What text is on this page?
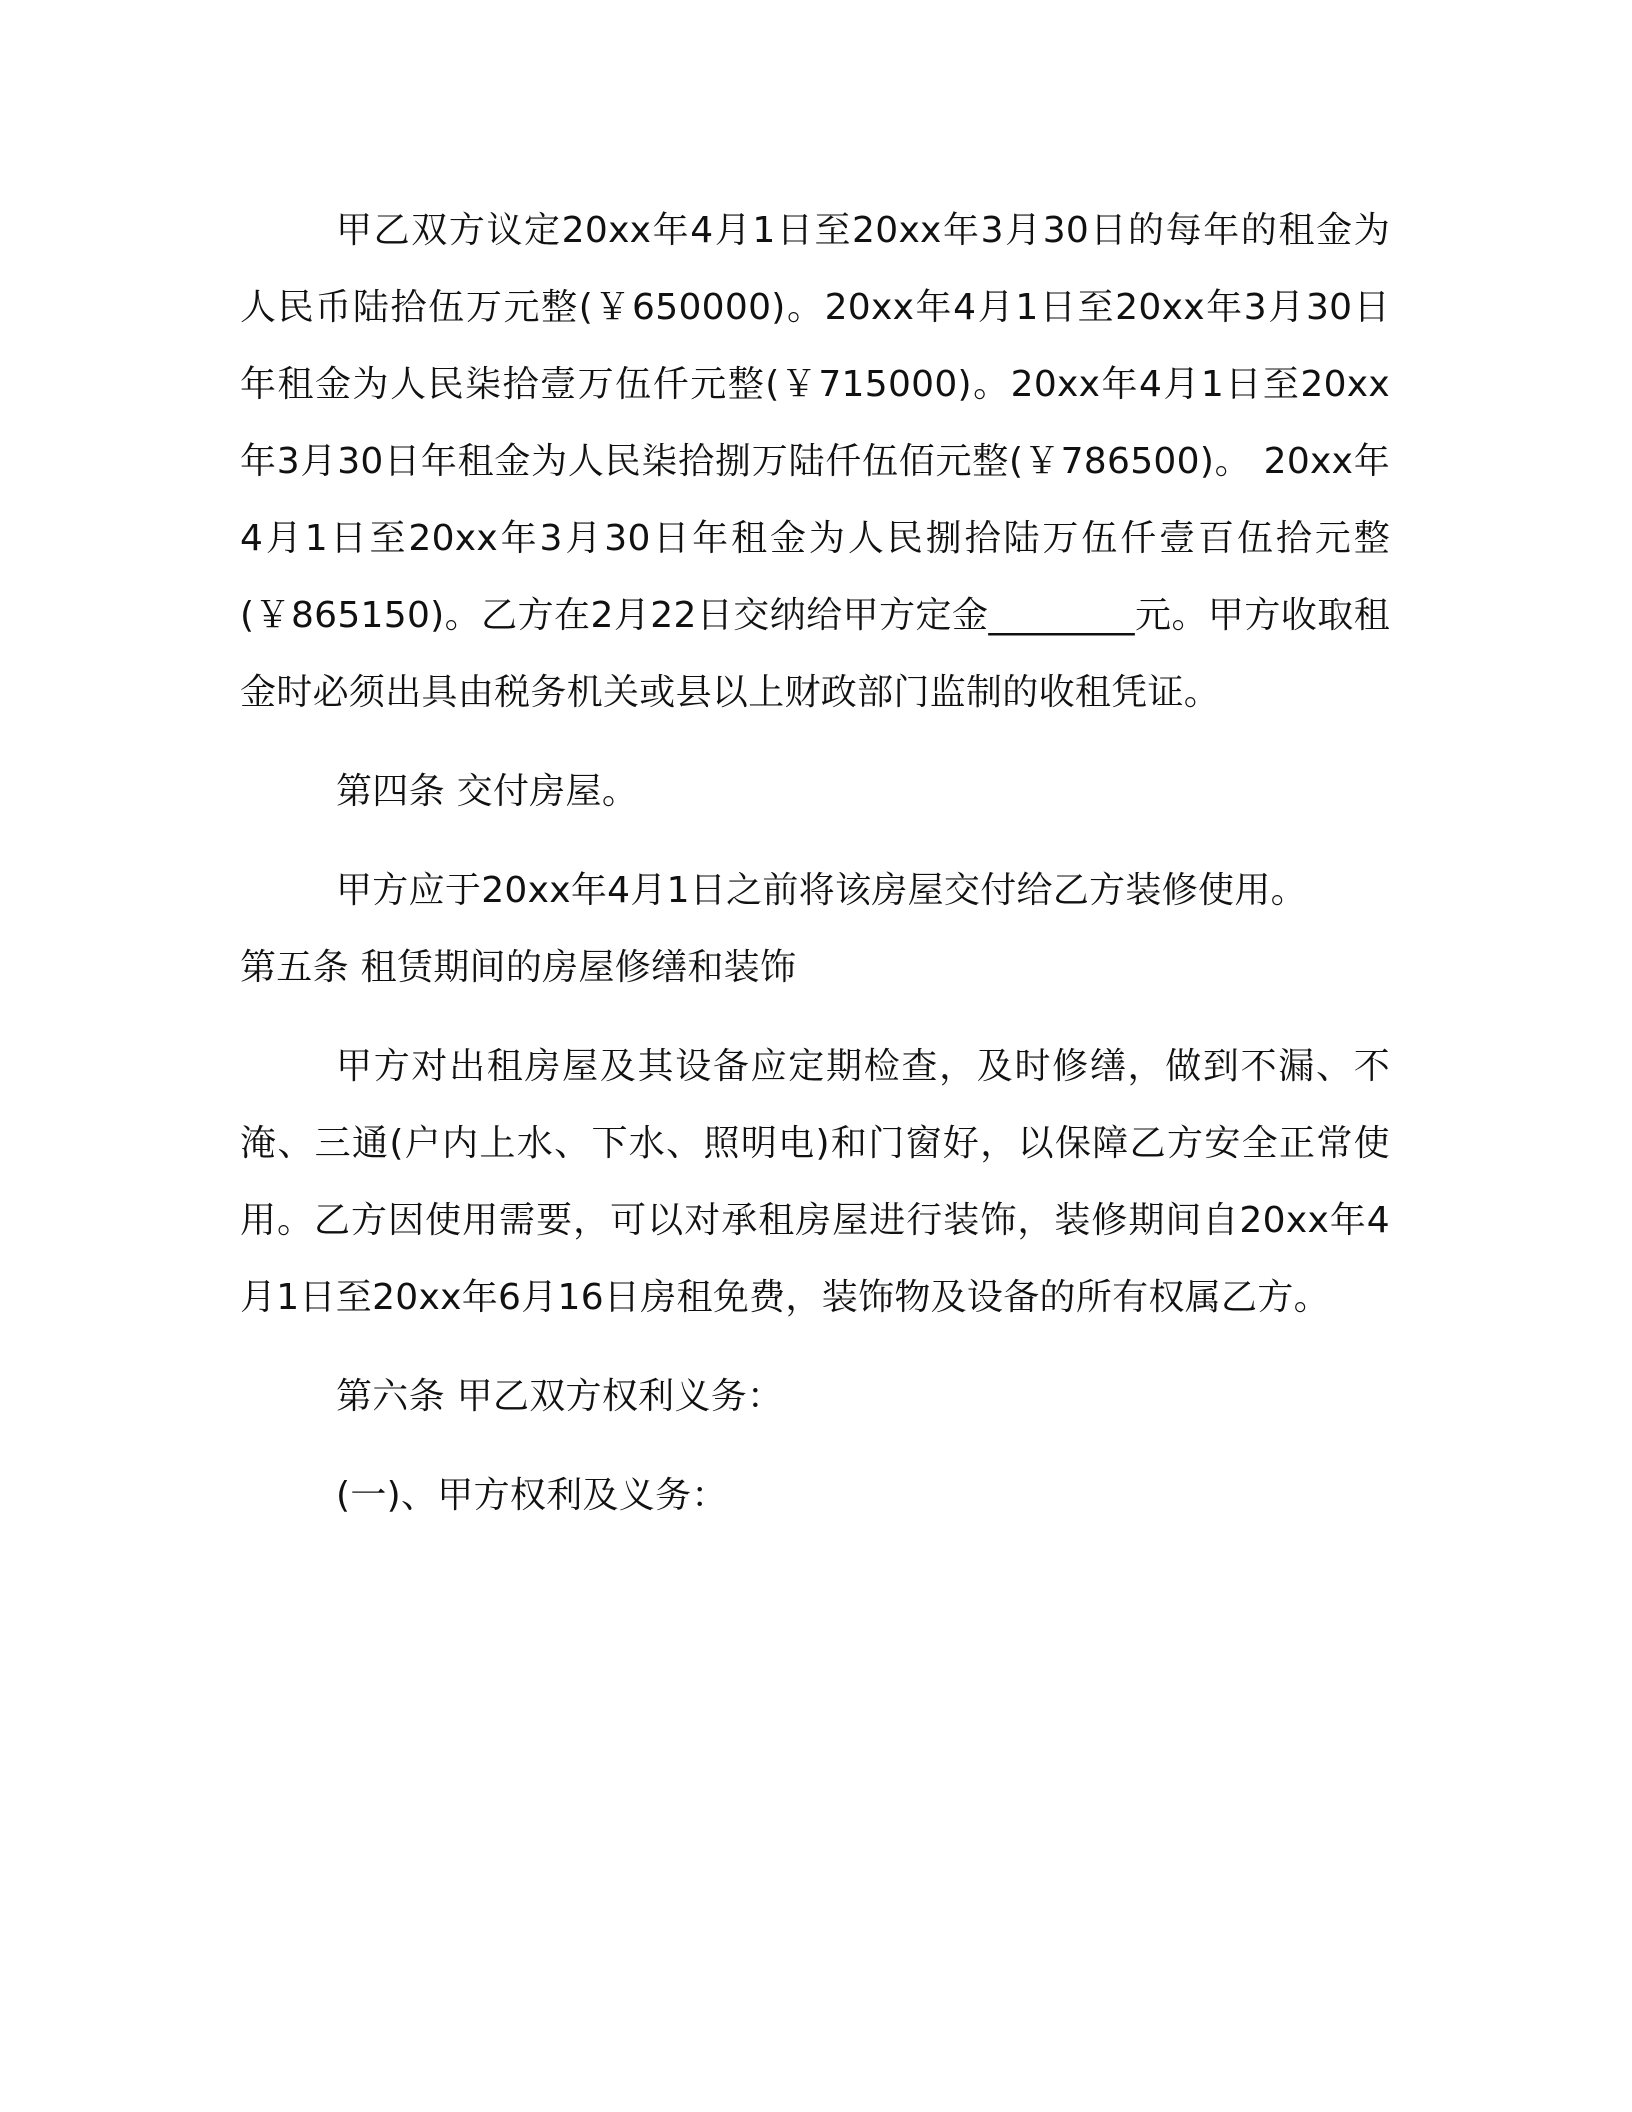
甲乙双方议定20xx年4月1日至20xx年3月30日的每年的租金为人民币陆拾伍万元整(￥650000)。20xx年4月1日至20xx年3月30日年租金为人民柒拾壹万伍仟元整(￥715000)。20xx年4月1日至20xx年3月30日年租金为人民柒拾捌万陆仟伍佰元整(￥786500)。 20xx年4月1日至20xx年3月30日年租金为人民捌拾陆万伍仟壹百伍拾元整(￥865150)。乙方在2月22日交纳给甲方定金________元。甲方收取租金时必须出具由税务机关或县以上财政部门监制的收租凭证。

第四条 交付房屋。

甲方应于20xx年4月1日之前将该房屋交付给乙方装修使用。

第五条 租赁期间的房屋修缮和装饰

甲方对出租房屋及其设备应定期检查，及时修缮，做到不漏、不淹、三通(户内上水、下水、照明电)和门窗好，以保障乙方安全正常使用。乙方因使用需要，可以对承租房屋进行装饰，装修期间自20xx年4月1日至20xx年6月16日房租免费，装饰物及设备的所有权属乙方。

第六条 甲乙双方权利义务：

(一)、甲方权利及义务：
